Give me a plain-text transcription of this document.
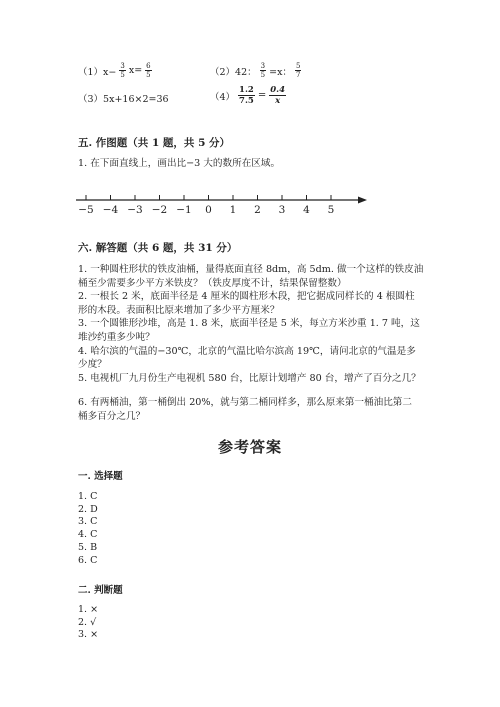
$(1)x- \frac{3}{5} x= \frac{6}{5}$	（2）42： $\frac{3}{5} =x$： $\frac{5}{7}$
（3）5x+16×2=36	$(4) \frac{1.2}{7.5} = \frac{0.4}{x}$
五. 作图题（共 1 题，共 5 分）
1. 在下面直线上，画出比−3 大的数所在区域。
−5 −4 −3 −2 −1	0	1	2	3	4	5
六. 解答题（共 6 题，共 31 分）
1. 一种圆柱形状的铁皮油桶，量得底面直径 8dm，高 5dm. 做一个这样的铁皮油
桶至少需要多少平方米铁皮？（铁皮厚度不计，结果保留整数）
2. 一根长 2 米，底面半径是 4 厘米的圆柱形木段，把它据成同样长的 4 根圆柱
形的木段。表面积比原来增加了多少平方厘米？
3. 一个圆锥形沙堆，高是 1. 8 米，底面半径是 5 米，每立方米沙重 1. 7 吨，这
堆沙约重多少吨？
4. 哈尔滨的气温的−30℃，北京的气温比哈尔滨高 19℃，请问北京的气温是多
少度？
5. 电视机厂九月份生产电视机 580 台，比原计划增产 80 台，增产了百分之几？
6. 有两桶油，第一桶倒出 20%，就与第二桶同样多，那么原来第一桶油比第二
桶多百分之几？
参考答案
一. 选择题
1. C
2. D
3. C
4. C
5. B
6. C
二. 判断题
1. ×
2. √
3. ×
